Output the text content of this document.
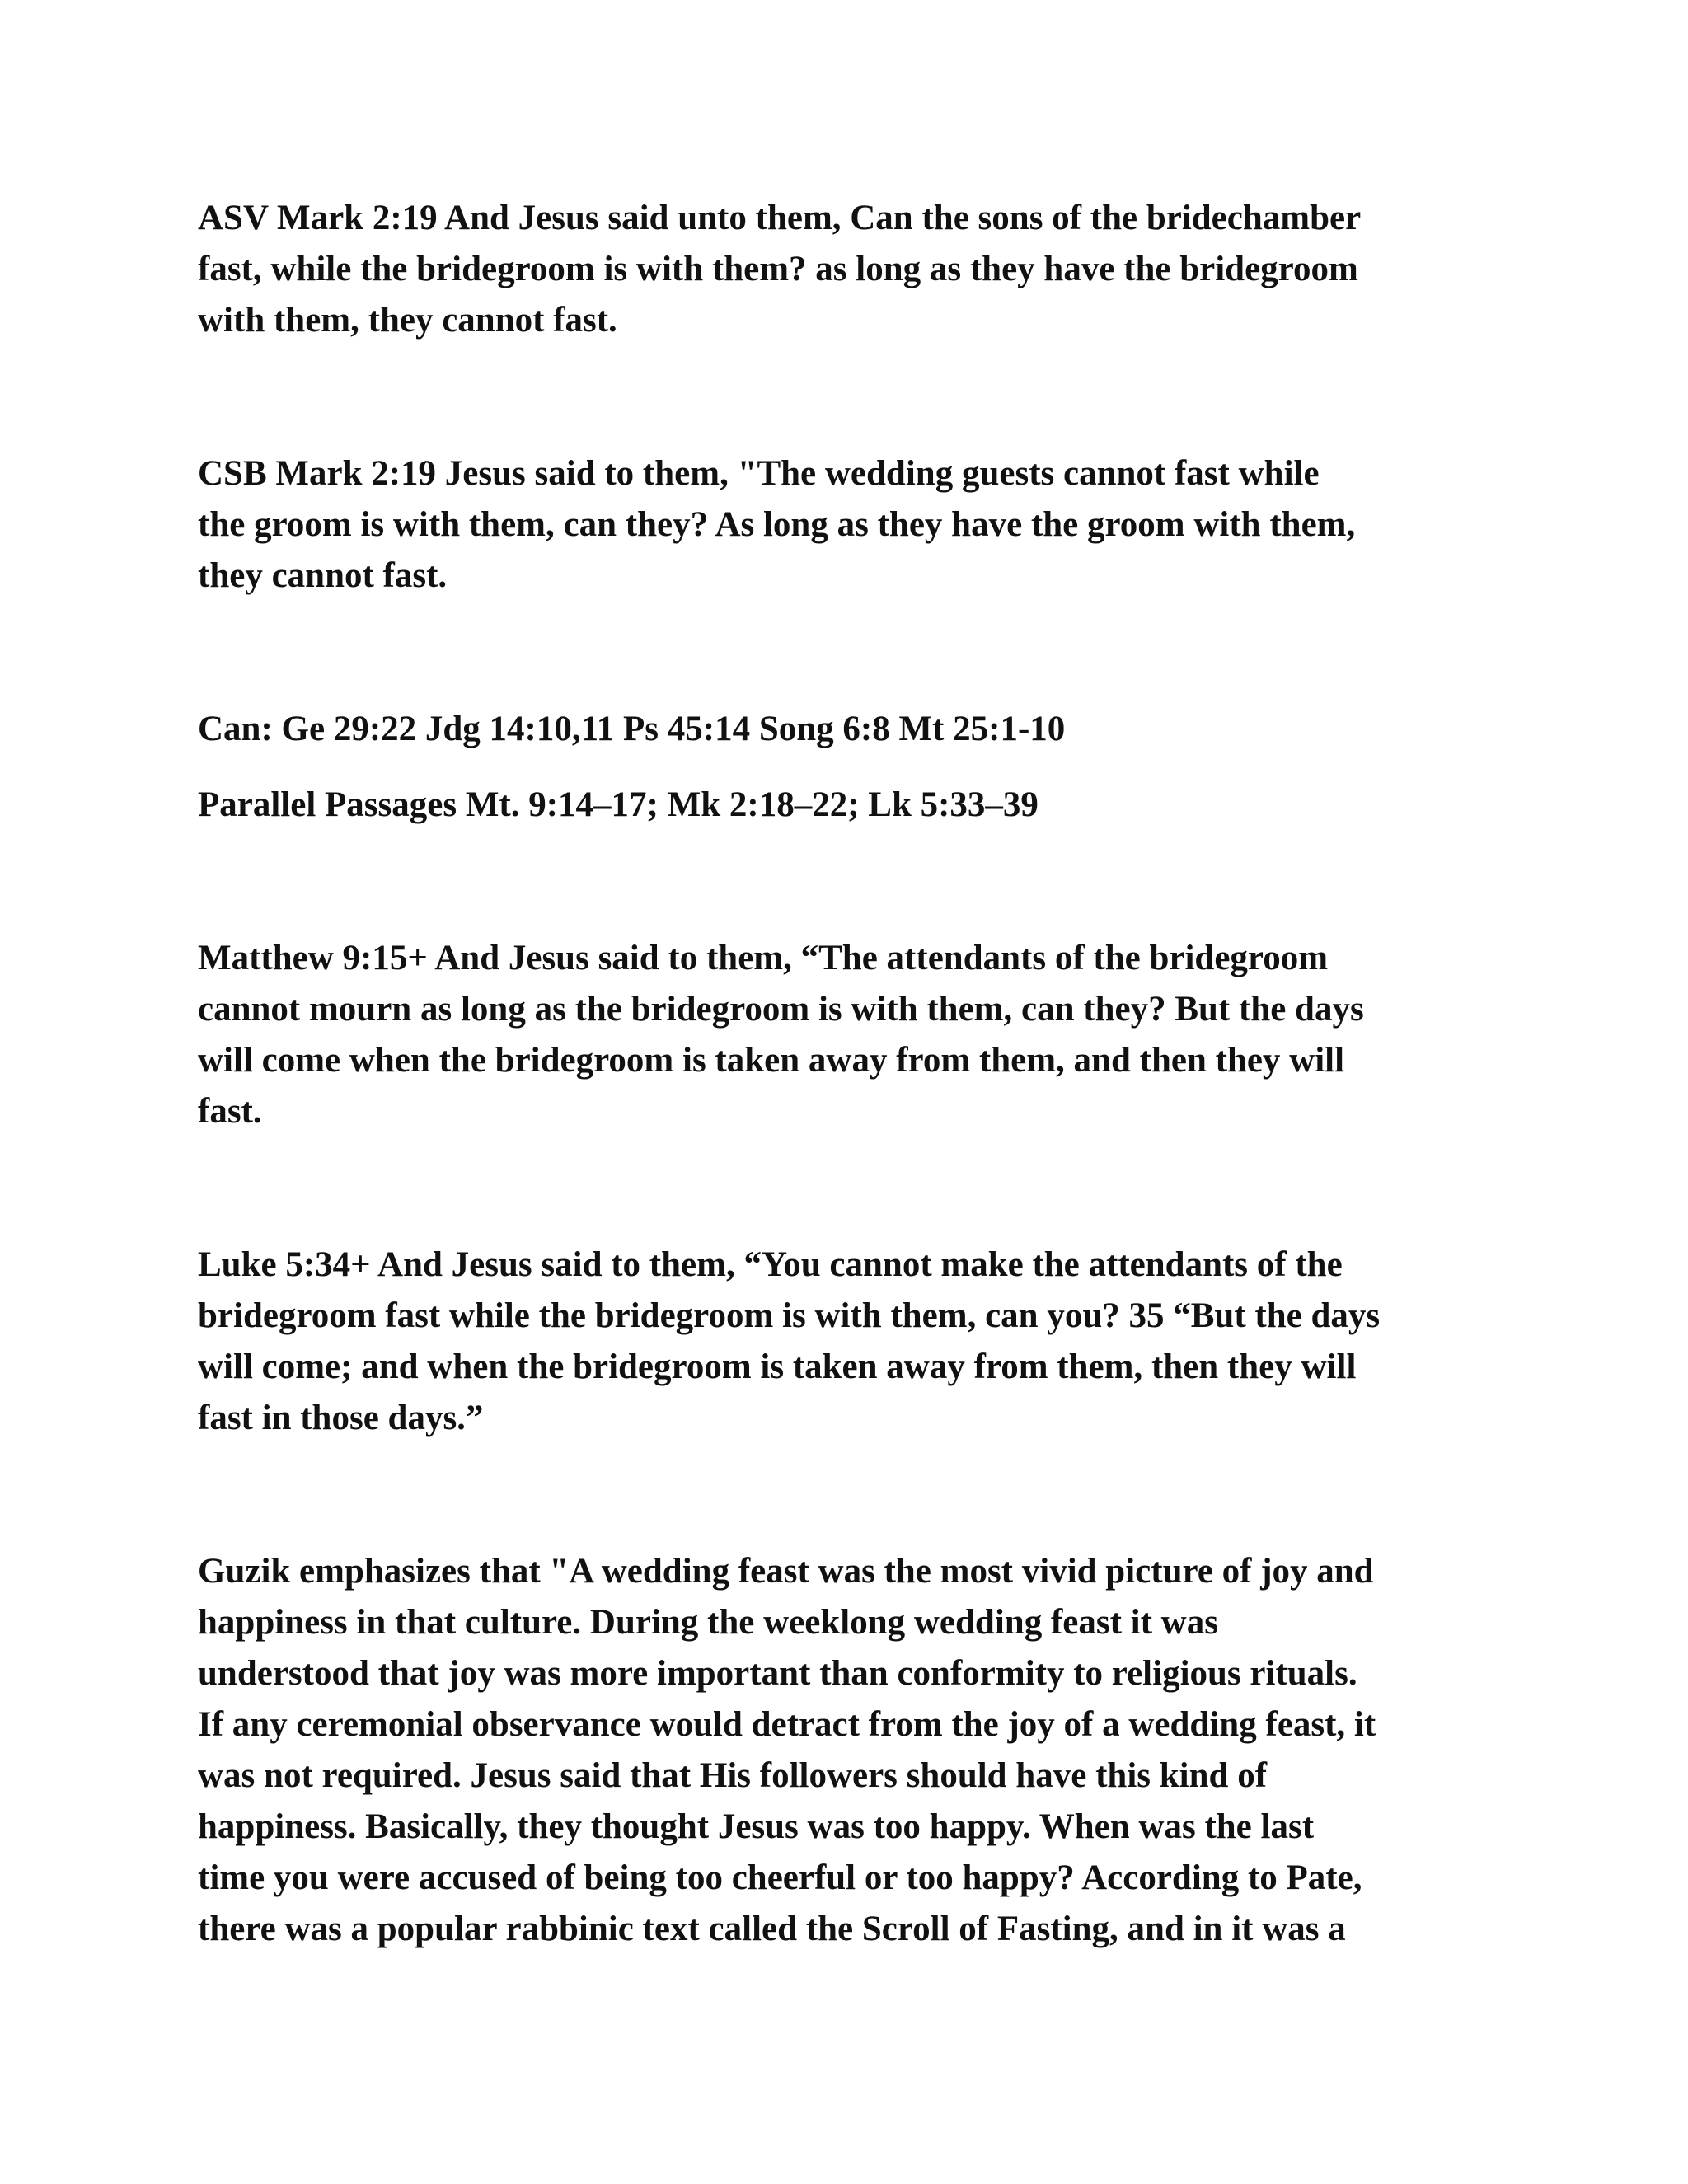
ASV Mark 2:19 And Jesus said unto them, Can the sons of the bridechamber
fast, while the bridegroom is with them? as long as they have the bridegroom
with them, they cannot fast.

CSB Mark 2:19 Jesus said to them, "The wedding guests cannot fast while
the groom is with them, can they? As long as they have the groom with them,
they cannot fast.

Can: Ge 29:22 Jdg 14:10,11 Ps 45:14 Song 6:8 Mt 25:1-10

Parallel Passages Mt. 9:14–17; Mk 2:18–22; Lk 5:33–39

Matthew 9:15+ And Jesus said to them, “The attendants of the bridegroom
cannot mourn as long as the bridegroom is with them, can they? But the days
will come when the bridegroom is taken away from them, and then they will
fast.

Luke 5:34+ And Jesus said to them, “You cannot make the attendants of the
bridegroom fast while the bridegroom is with them, can you? 35 “But the days
will come; and when the bridegroom is taken away from them, then they will
fast in those days.”

Guzik emphasizes that "A wedding feast was the most vivid picture of joy and
happiness in that culture. During the weeklong wedding feast it was
understood that joy was more important than conformity to religious rituals.
If any ceremonial observance would detract from the joy of a wedding feast, it
was not required. Jesus said that His followers should have this kind of
happiness. Basically, they thought Jesus was too happy. When was the last
time you were accused of being too cheerful or too happy? According to Pate,
there was a popular rabbinic text called the Scroll of Fasting, and in it was a
